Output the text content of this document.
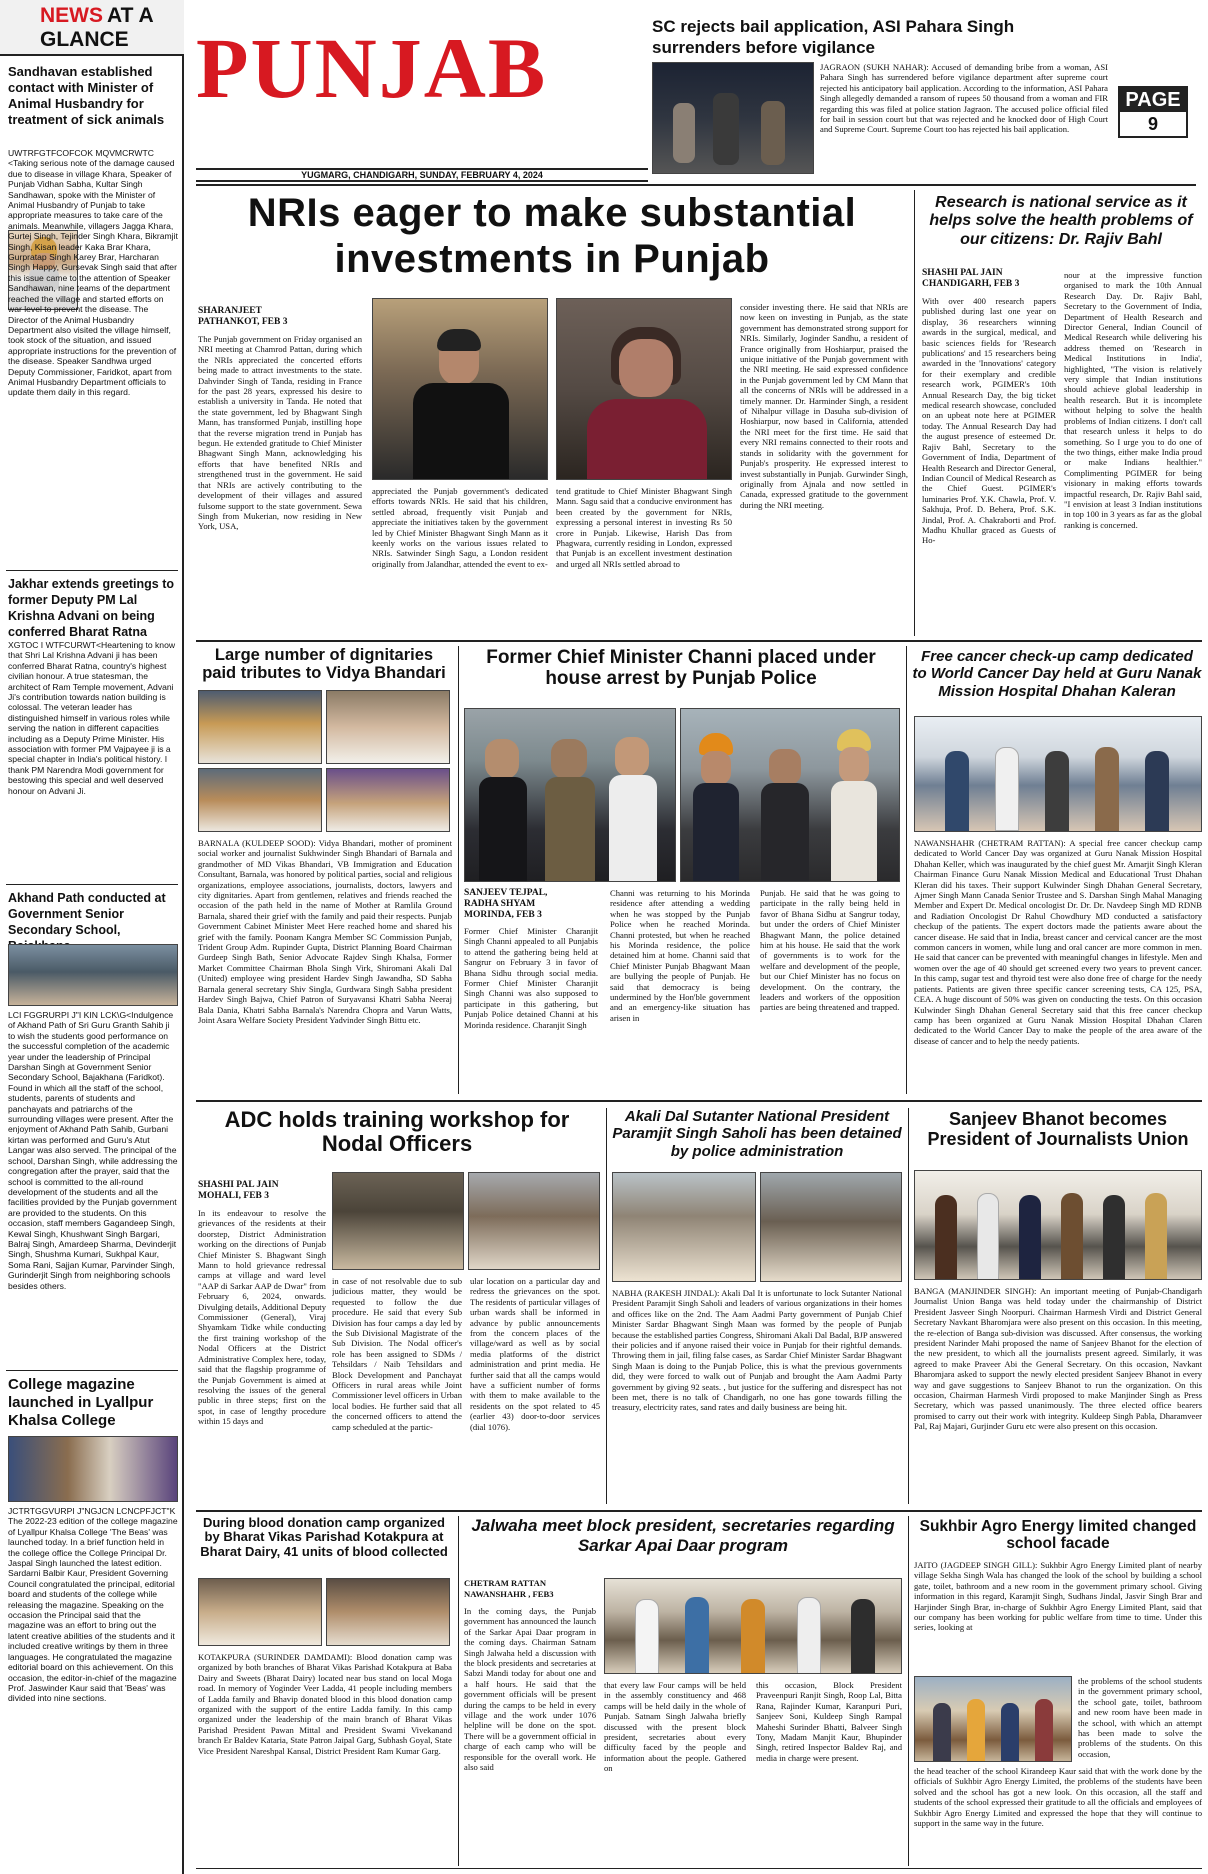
NEWS AT A GLANCE
Sandhavan established contact with Minister of Animal Husbandry for treatment of sick animals
UWTRFGTFCOFCOK MQVMCRWTC <Taking serious note of the damage caused due to disease in village Khara, Speaker of Punjab Vidhan Sabha, Kultar Singh Sandhawan, spoke with the Minister of Animal Husbandry of Punjab to take appropriate measures to take care of the animals. Meanwhile, villagers Jagga Khara, Gurtej Singh, Tejinder Singh Khara, Bikramjit Singh, Kisan leader Kaka Brar Khara, Gurpratap Singh Karey Brar, Harcharan Singh Happy, Gursevak Singh said that after this issue came to the attention of Speaker Sandhawan, nine teams of the department reached the village and started efforts on war level to prevent the disease. The Director of the Animal Husbandry Department also visited the village himself, took stock of the situation, and issued appropriate instructions for the prevention of the disease. Speaker Sandhwa urged Deputy Commissioner, Faridkot, apart from Animal Husbandry Department officials to update them daily in this regard.
Jakhar extends greetings to former Deputy PM Lal Krishna Advani on being conferred Bharat Ratna
XGTOC I WTFCURWT<Heartening to know that Shri Lal Krishna Advani ji has been conferred Bharat Ratna, country's highest civilian honour. A true statesman, the architect of Ram Temple movement, Advani Ji's contribution towards nation building is colossal. The veteran leader has distinguished himself in various roles while serving the nation in different capacities including as a Deputy Prime Minister. His association with former PM Vajpayee ji is a special chapter in India's political history. I thank PM Narendra Modi government for bestowing this special and well deserved honour on Advani Ji.
Akhand Path conducted at Government Senior Secondary School,
LCI FGGRURPI J"I KIN LCK\G<Indulgence of Akhand Path of Sri Guru Granth Sahib ji to wish the students good performance on the successful completion of the academic year under the leadership of Principal Darshan Singh at Government Senior Secondary School, Bajakhana (Faridkot). Found in which all the staff of the school, students, parents of students and panchayats and patriarchs of the surrounding villages were present. After the enjoyment of Akhand Path Sahib, Gurbani kirtan was performed and Guru's Atut Langar was also served. The principal of the school, Darshan Singh, while addressing the congregation after the prayer, said that the school is committed to the all-round development of the students and all the facilities provided by the Punjab government are provided to the students. On this occasion, staff members Gagandeep Singh, Kewal Singh, Khushwant Singh Bargari, Balraj Singh, Amardeep Sharma, Devinderjit Singh, Shushma Kumari, Sukhpal Kaur, Soma Rani, Sajjan Kumar, Parvinder Singh, Gurinderjit Singh from neighboring schools besides others.
College magazine launched in Lyallpur Khalsa College
JCTRTGGVURPI J"NGJCN LCNCPFJCT"K The 2022-23 edition of the college magazine of Lyallpur Khalsa College 'The Beas' was launched today. In a brief function held in the college office the College Principal Dr. Jaspal Singh launched the latest edition. Sardarni Balbir Kaur, President Governing Council congratulated the principal, editorial board and students of the college while releasing the magazine. Speaking on the occasion the Principal said that the magazine was an effort to bring out the latent creative abilities of the students and it included creative writings by them in three languages. He congratulated the magazine editorial board on this achievement. On this occasion, the editor-in-chief of the magazine Prof. Jaswinder Kaur said that 'Beas' was divided into nine sections.
PUNJAB
YUGMARG, CHANDIGARH, SUNDAY, FEBRUARY 4, 2024
SC rejects bail application, ASI Pahara Singh surrenders before vigilance
JAGRAON (SUKH NAHAR): Accused of demanding bribe from a woman, ASI Pahara Singh has surrendered before vigilance department after supreme court rejected his anticipatory bail application. According to the information, ASI Pahara Singh allegedly demanded a ransom of rupees 50 thousand from a woman and FIR regarding this was filed at police station Jagraon. The accused police official filed for bail in session court but that was rejected and he knocked door of High Court and Supreme Court. Supreme Court too has rejected his bail application.
PAGE
9
NRIs eager to make substantial
investments in Punjab
SHARANJEET
PATHANKOT, FEB 3
The Punjab government on Friday organised an NRI meeting at Chamrod Pattan, during which the NRIs appreciated the concerted efforts being made to attract investments to the state. Dahvinder Singh of Tanda, residing in France for the past 28 years, expressed his desire to establish a university in Tanda. He noted that the state government, led by Bhagwant Singh Mann, has transformed Punjab, instilling hope that the reverse migration trend in Punjab has begun. He extended gratitude to Chief Minister Bhagwant Singh Mann, acknowledging his efforts that have benefited NRIs and strengthened trust in the government. He said that NRIs are actively contributing to the development of their villages and assured fulsome support to the state government. Sewa Singh from Mukerian, now residing in New York, USA,
appreciated the Punjab government's dedicated efforts towards NRIs. He said that his children, settled abroad, frequently visit Punjab and appreciate the initiatives taken by the government led by Chief Minister Bhagwant Singh Mann as it keenly works on the various issues related to NRIs. Satwinder Singh Sagu, a London resident originally from Jalandhar, attended the event to ex-
tend gratitude to Chief Minister Bhagwant Singh Mann. Sagu said that a conducive environment has been created by the government for NRIs, expressing a personal interest in investing Rs 50 crore in Punjab. Likewise, Harish Das from Phagwara, currently residing in London, expressed that Punjab is an excellent investment destination and urged all NRIs settled abroad to
consider investing there. He said that NRIs are now keen on investing in Punjab, as the state government has demonstrated strong support for NRIs. Similarly, Joginder Sandhu, a resident of France originally from Hoshiarpur, praised the unique initiative of the Punjab government with the NRI meeting. He said expressed confidence in the Punjab government led by CM Mann that all the concerns of NRIs will be addressed in a timely manner. Dr. Harminder Singh, a resident of Nihalpur village in Dasuha sub-division of Hoshiarpur, now based in California, attended the NRI meet for the first time. He said that every NRI remains connected to their roots and stands in solidarity with the government for Punjab's prosperity. He expressed interest to invest substantially in Punjab. Gurwinder Singh, originally from Ajnala and now settled in Canada, expressed gratitude to the government during the NRI meeting.
Research is national service as it helps solve the health problems of our citizens: Dr. Rajiv Bahl
SHASHI PAL JAIN
CHANDIGARH, FEB 3
With over 400 research papers published during last one year on display, 36 researchers winning awards in the surgical, medical, and basic sciences fields for 'Research publications' and 15 researchers being awarded in the 'Innovations' category for their exemplary and credible research work, PGIMER's 10th Annual Research Day, the big ticket medical research showcase, concluded on an upbeat note here at PGIMER today. The Annual Research Day had the august presence of esteemed Dr. Rajiv Bahl, Secretary to the Government of India, Department of Health Research and Director General, Indian Council of Medical Research as the Chief Guest. PGIMER's luminaries Prof. Y.K. Chawla, Prof. V. Sakhuja, Prof. D. Behera, Prof. S.K. Jindal, Prof. A. Chakraborti and Prof. Madhu Khullar graced as Guests of Ho-
nour at the impressive function organised to mark the 10th Annual Research Day. Dr. Rajiv Bahl, Secretary to the Government of India, Department of Health Research and Director General, Indian Council of Medical Research while delivering his address themed on 'Research in Medical Institutions in India', highlighted, "The vision is relatively very simple that Indian institutions should achieve global leadership in health research. But it is incomplete without helping to solve the health problems of Indian citizens. I don't call that research unless it helps to do something. So I urge you to do one of the two things, either make India proud or make Indians healthier." Complimenting PGIMER for being visionary in making efforts towards impactful research, Dr. Rajiv Bahl said, "I envision at least 3 Indian institutions in top 100 in 3 years as far as the global ranking is concerned.
Large number of dignitaries paid tributes to Vidya Bhandari
BARNALA (KULDEEP SOOD): Vidya Bhandari, mother of prominent social worker and journalist Sukhwinder Singh Bhandari of Barnala and grandmother of MD Vikas Bhandari, VB Immigration and Education Consultant, Barnala, was honored by political parties, social and religious organizations, employee associations, journalists, doctors, lawyers and city dignitaries. Apart from gentlemen, relatives and friends reached the occasion of the path held in the name of Mother at Ramlila Ground Barnala, shared their grief with the family and paid their respects. Punjab Government Cabinet Minister Meet Here reached home and shared his grief with the family. Poonam Kangra Member SC Commission Punjab, Trident Group Adm. Rupinder Gupta, District Planning Board Chairman Gurdeep Singh Bath, Senior Advocate Rajdev Singh Khalsa, Former Market Committee Chairman Bhola Singh Virk, Shiromani Akali Dal (United) employee wing president Hardev Singh Jawandha, SD Sabha Barnala general secretary Shiv Singla, Gurdwara Singh Sabha president Hardev Singh Bajwa, Chief Patron of Suryavansi Khatri Sabha Neeraj Bala Dania, Khatri Sabha Barnala's Narendra Chopra and Varun Watts, Joint Asara Welfare Society President Yadvinder Singh Bittu etc.
Former Chief Minister Channi placed under house arrest by Punjab Police
SANJEEV TEJPAL,
RADHA SHYAM
MORINDA, FEB 3
Former Chief Minister Charanjit Singh Channi appealed to all Punjabis to attend the gathering being held at Sangrur on February 3 in favor of Bhana Sidhu through social media. Former Chief Minister Charanjit Singh Channi was also supposed to participate in this gathering, but Punjab Police detained Channi at his Morinda residence. Charanjit Singh
Channi was returning to his Morinda residence after attending a wedding when he was stopped by the Punjab Police when he reached Morinda. Channi protested, but when he reached his Morinda residence, the police detained him at home. Channi said that Chief Minister Punjab Bhagwant Maan are bullying the people of Punjab. He said that democracy is being undermined by the Hon'ble government and an emergency-like situation has arisen in
Punjab. He said that he was going to participate in the rally being held in favor of Bhana Sidhu at Sangrur today, but under the orders of Chief Minister Bhagwant Mann, the police detained him at his house. He said that the work of governments is to work for the welfare and development of the people, but our Chief Minister has no focus on development. On the contrary, the leaders and workers of the opposition parties are being threatened and trapped.
Free cancer check-up camp dedicated to World Cancer Day held at Guru Nanak Mission Hospital Dhahan Kaleran
NAWANSHAHR (CHETRAM RATTAN): A special free cancer checkup camp dedicated to World Cancer Day was organized at Guru Nanak Mission Hospital Dhahan Keller, which was inaugurated by the chief guest Mr. Amarjit Singh Kleran Chairman Finance Guru Nanak Mission Medical and Educational Trust Dhahan Kleran did his taxes. Their support Kulwinder Singh Dhahan General Secretary, Ajmer Singh Mann Canada Senior Trustee and S. Darshan Singh Mahal Managing Member and Expert Dr. Medical oncologist Dr. Dr. Dr. Navdeep Singh MD RDNB and Radiation Oncologist Dr Rahul Chowdhury MD conducted a satisfactory checkup of the patients. The expert doctors made the patients aware about the cancer disease. He said that in India, breast cancer and cervical cancer are the most common cancers in women, while lung and oral cancer are more common in men. He said that cancer can be prevented with meaningful changes in lifestyle. Men and women over the age of 40 should get screened every two years to prevent cancer. In this camp, sugar test and thyroid test were also done free of charge for the needy patients. Patients are given three specific cancer screening tests, CA 125, PSA, CEA. A huge discount of 50% was given on conducting the tests. On this occasion Kulwinder Singh Dhahan General Secretary said that this free cancer checkup camp has been organized at Guru Nanak Mission Hospital Dhahan Claren dedicated to the World Cancer Day to make the people of the area aware of the disease of cancer and to help the needy patients.
ADC holds training workshop for Nodal Officers
SHASHI PAL JAIN
MOHALI, FEB 3
In its endeavour to resolve the grievances of the residents at their doorstep, District Administration working on the directions of Punjab Chief Minister S. Bhagwant Singh Mann to hold grievance redressal camps at village and ward level "AAP di Sarkar AAP de Dwar" from February 6, 2024, onwards. Divulging details, Additional Deputy Commissioner (General), Viraj Shyamkam Tidke while conducting the first training workshop of the Nodal Officers at the District Administrative Complex here, today, said that the flagship programme of the Punjab Government is aimed at resolving the issues of the general public in three steps; first on the spot, in case of lengthy procedure within 15 days and
in case of not resolvable due to sub judicious matter, they would be requested to follow the due procedure. He said that every Sub Division has four camps a day led by the Sub Divisional Magistrate of the Sub Division. The Nodal officer's role has been assigned to SDMs / Tehsildars / Naib Tehsildars and Block Development and Panchayat Officers in rural areas while Joint Commissioner level officers in Urban local bodies. He further said that all the concerned officers to attend the camp scheduled at the partic-
ular location on a particular day and redress the grievances on the spot. The residents of particular villages of urban wards shall be informed in advance by public announcements from the concern places of the village/ward as well as by social media platforms of the district administration and print media. He further said that all the camps would have a sufficient number of forms with them to make available to the residents on the spot related to 45 (earlier 43) door-to-door services (dial 1076).
Akali Dal Sutanter National President Paramjit Singh Saholi has been detained by police administration
NABHA (RAKESH JINDAL): Akali Dal It is unfortunate to lock Sutanter National President Paramjit Singh Saholi and leaders of various organizations in their homes and offices like on the 2nd. The Aam Aadmi Party government of Punjab Chief Minister Sardar Bhagwant Singh Maan was formed by the people of Punjab because the established parties Congress, Shiromani Akali Dal Badal, BJP answered their policies and if anyone raised their voice in Punjab for their rightful demands. Throwing them in jail, filing false cases, as Sardar Chief Minister Sardar Bhagwant Singh Maan is doing to the Punjab Police, this is what the previous governments did, they were forced to walk out of Punjab and brought the Aam Aadmi Party government by giving 92 seats. , but justice for the suffering and disrespect has not been met, there is no talk of Chandigarh, no one has gone towards filling the treasury, electricity rates, sand rates and daily business are being hit.
Sanjeev Bhanot becomes President of Journalists Union
BANGA (MANJINDER SINGH): An important meeting of Punjab-Chandigarh Journalist Union Banga was held today under the chairmanship of District President Jasveer Singh Noorpuri. Chairman Harmesh Virdi and District General Secretary Navkant Bharomjara were also present on this occasion. In this meeting, the re-election of Banga sub-division was discussed. After consensus, the working president Narinder Mahi proposed the name of Sanjeev Bhanot for the election of the new president, to which all the journalists present agreed. Similarly, it was agreed to make Praveer Abi the General Secretary. On this occasion, Navkant Bharomjara asked to support the newly elected president Sanjeev Bhanot in every way and gave suggestions to Sanjeev Bhanot to run the organization. On this occasion, Chairman Harmesh Virdi proposed to make Manjinder Singh as Press Secretary, which was passed unanimously. The three elected office bearers promised to carry out their work with integrity. Kuldeep Singh Pabla, Dharamveer Pal, Raj Majari, Gurjinder Guru etc were also present on this occasion.
During blood donation camp organized by Bharat Vikas Parishad Kotakpura at Bharat Dairy, 41 units of blood collected
KOTAKPURA (SURINDER DAMDAMI): Blood donation camp was organized by both branches of Bharat Vikas Parishad Kotakpura at Baba Dairy and Sweets (Bharat Dairy) located near bus stand on local Moga road. In memory of Yoginder Veer Ladda, 41 people including members of Ladda family and Bhavip donated blood in this blood donation camp organized with the support of the entire Ladda family. In this camp organized under the leadership of the main branch of Bharat Vikas Parishad President Pawan Mittal and President Swami Vivekanand branch Er Baldev Kataria, State Patron Jaipal Garg, Subhash Goyal, State Vice President Nareshpal Kansal, District President Ram Kumar Garg.
Jalwaha meet block president, secretaries regarding Sarkar Apai Daar program
CHETRAM RATTAN
NAWANSHAHR , FEB3
In the coming days, the Punjab government has announced the launch of the Sarkar Apai Daar program in the coming days. Chairman Satnam Singh Jalwaha held a discussion with the block presidents and secretaries at Sabzi Mandi today for about one and a half hours. He said that the government officials will be present during the camps to be held in every village and the work under 1076 helpline will be done on the spot. There will be a government official in charge of each camp who will be responsible for the overall work. He also said
that every law Four camps will be held in the assembly constituency and 468 camps will be held daily in the whole of Punjab. Satnam Singh Jalwaha briefly discussed with the present block president, secretaries about every difficulty faced by the people and information about the people. Gathered on
this occasion, Block President Praveenpuri Ranjit Singh, Roop Lal, Bitta Rana, Rajinder Kumar, Karanpuri Puri, Sanjeev Soni, Kuldeep Singh Rampal Maheshi Surinder Bhatti, Balveer Singh Tony, Madam Manjit Kaur, Bhupinder Singh, retired Inspector Baldev Raj, and media in charge were present.
Sukhbir Agro Energy limited changed school facade
JAITO (JAGDEEP SINGH GILL): Sukhbir Agro Energy Limited plant of nearby village Sekha Singh Wala has changed the look of the school by building a school gate, toilet, bathroom and a new room in the government primary school. Giving information in this regard, Karamjit Singh, Sudhans Jindal, Jasvir Singh Brar and Harjinder Singh Brar, in-charge of Sukhbir Agro Energy Limited Plant, said that our company has been working for public welfare from time to time. Under this series, looking at
the problems of the school students in the government primary school, the school gate, toilet, bathroom and new room have been made in the school, with which an attempt has been made to solve the problems of the students. On this occasion,
the head teacher of the school Kirandeep Kaur said that with the work done by the officials of Sukhbir Agro Energy Limited, the problems of the students have been solved and the school has got a new look. On this occasion, all the staff and students of the school expressed their gratitude to all the officials and employees of Sukhbir Agro Energy Limited and expressed the hope that they will continue to support in the same way in the future.
